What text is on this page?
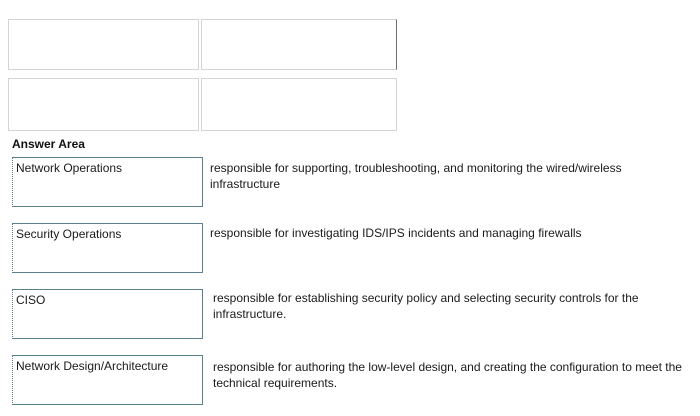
Answer Area
Network Operations	responsible for supporting, troubleshooting, and monitoring the wired/wireless infrastructure

Security Operations	responsible for investigating IDS/IPS incidents and managing firewalls

CISO	responsible for establishing security policy and selecting security controls for the infrastructure.

Network Design/Architecture	responsible for authoring the low-level design, and creating the configuration to meet the technical requirements.
